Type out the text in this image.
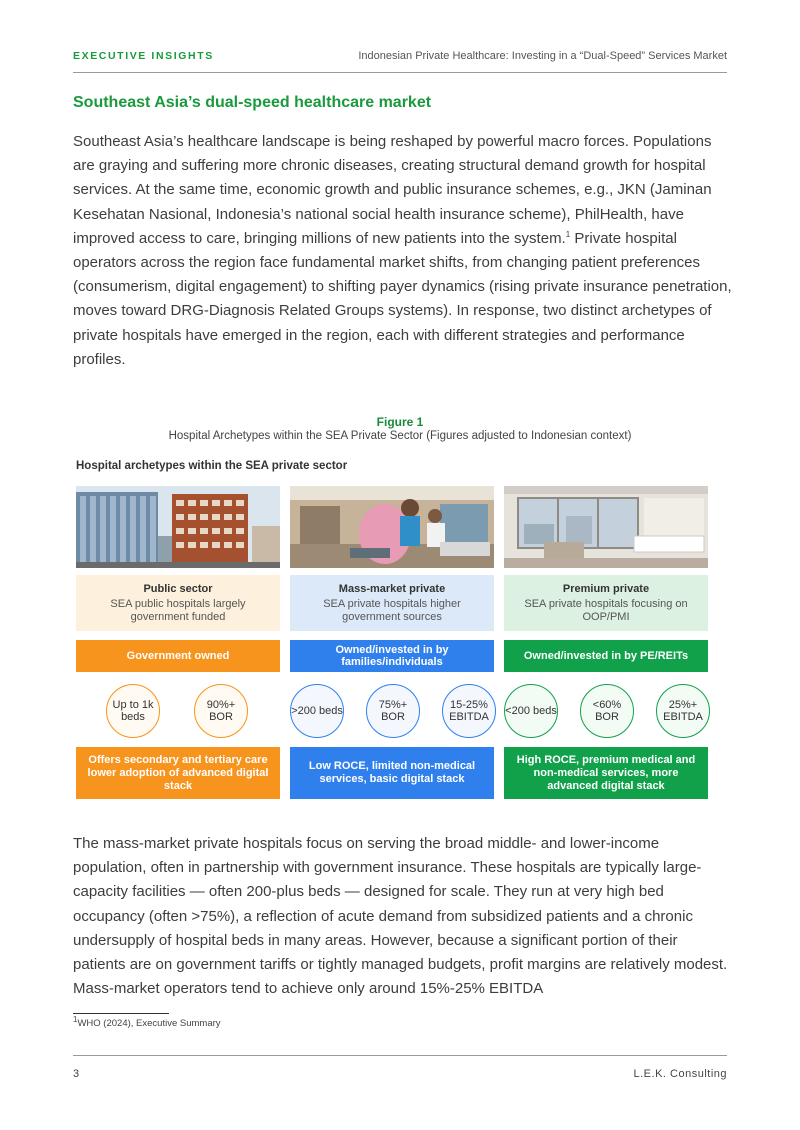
EXECUTIVE INSIGHTS	Indonesian Private Healthcare: Investing in a “Dual-Speed” Services Market
Southeast Asia’s dual-speed healthcare market
Southeast Asia’s healthcare landscape is being reshaped by powerful macro forces. Populations are graying and suffering more chronic diseases, creating structural demand growth for hospital services. At the same time, economic growth and public insurance schemes, e.g., JKN (Jaminan Kesehatan Nasional, Indonesia’s national social health insurance scheme), PhilHealth, have improved access to care, bringing millions of new patients into the system.$^1$ Private hospital operators across the region face fundamental market shifts, from changing patient preferences (consumerism, digital engagement) to shifting payer dynamics (rising private insurance penetration, moves toward DRG-Diagnosis Related Groups systems). In response, two distinct archetypes of private hospitals have emerged in the region, each with different strategies and performance profiles.
Figure 1
Hospital Archetypes within the SEA Private Sector (Figures adjusted to Indonesian context)
Hospital archetypes within the SEA private sector
Public sector
SEA public hospitals largely government funded
Government owned
Up to 1k beds
90%+ BOR
Offers secondary and tertiary care lower adoption of advanced digital stack
Mass-market private
SEA private hospitals higher government sources
Owned/invested in by families/individuals
>200 beds
75%+ BOR
15-25% EBITDA
Low ROCE, limited non-medical services, basic digital stack
Premium private
SEA private hospitals focusing on OOP/PMI
Owned/invested in by PE/REITs
<200 beds
<60% BOR
25%+ EBITDA
High ROCE, premium medical and non-medical services, more advanced digital stack
The mass-market private hospitals focus on serving the broad middle- and lower-income population, often in partnership with government insurance. These hospitals are typically large-capacity facilities — often 200-plus beds — designed for scale. They run at very high bed occupancy (often >75%), a reflection of acute demand from subsidized patients and a chronic undersupply of hospital beds in many areas. However, because a significant portion of their patients are on government tariffs or tightly managed budgets, profit margins are relatively modest. Mass-market operators tend to achieve only around 15%-25% EBITDA
$^1$WHO (2024), Executive Summary
3	L.E.K. Consulting
